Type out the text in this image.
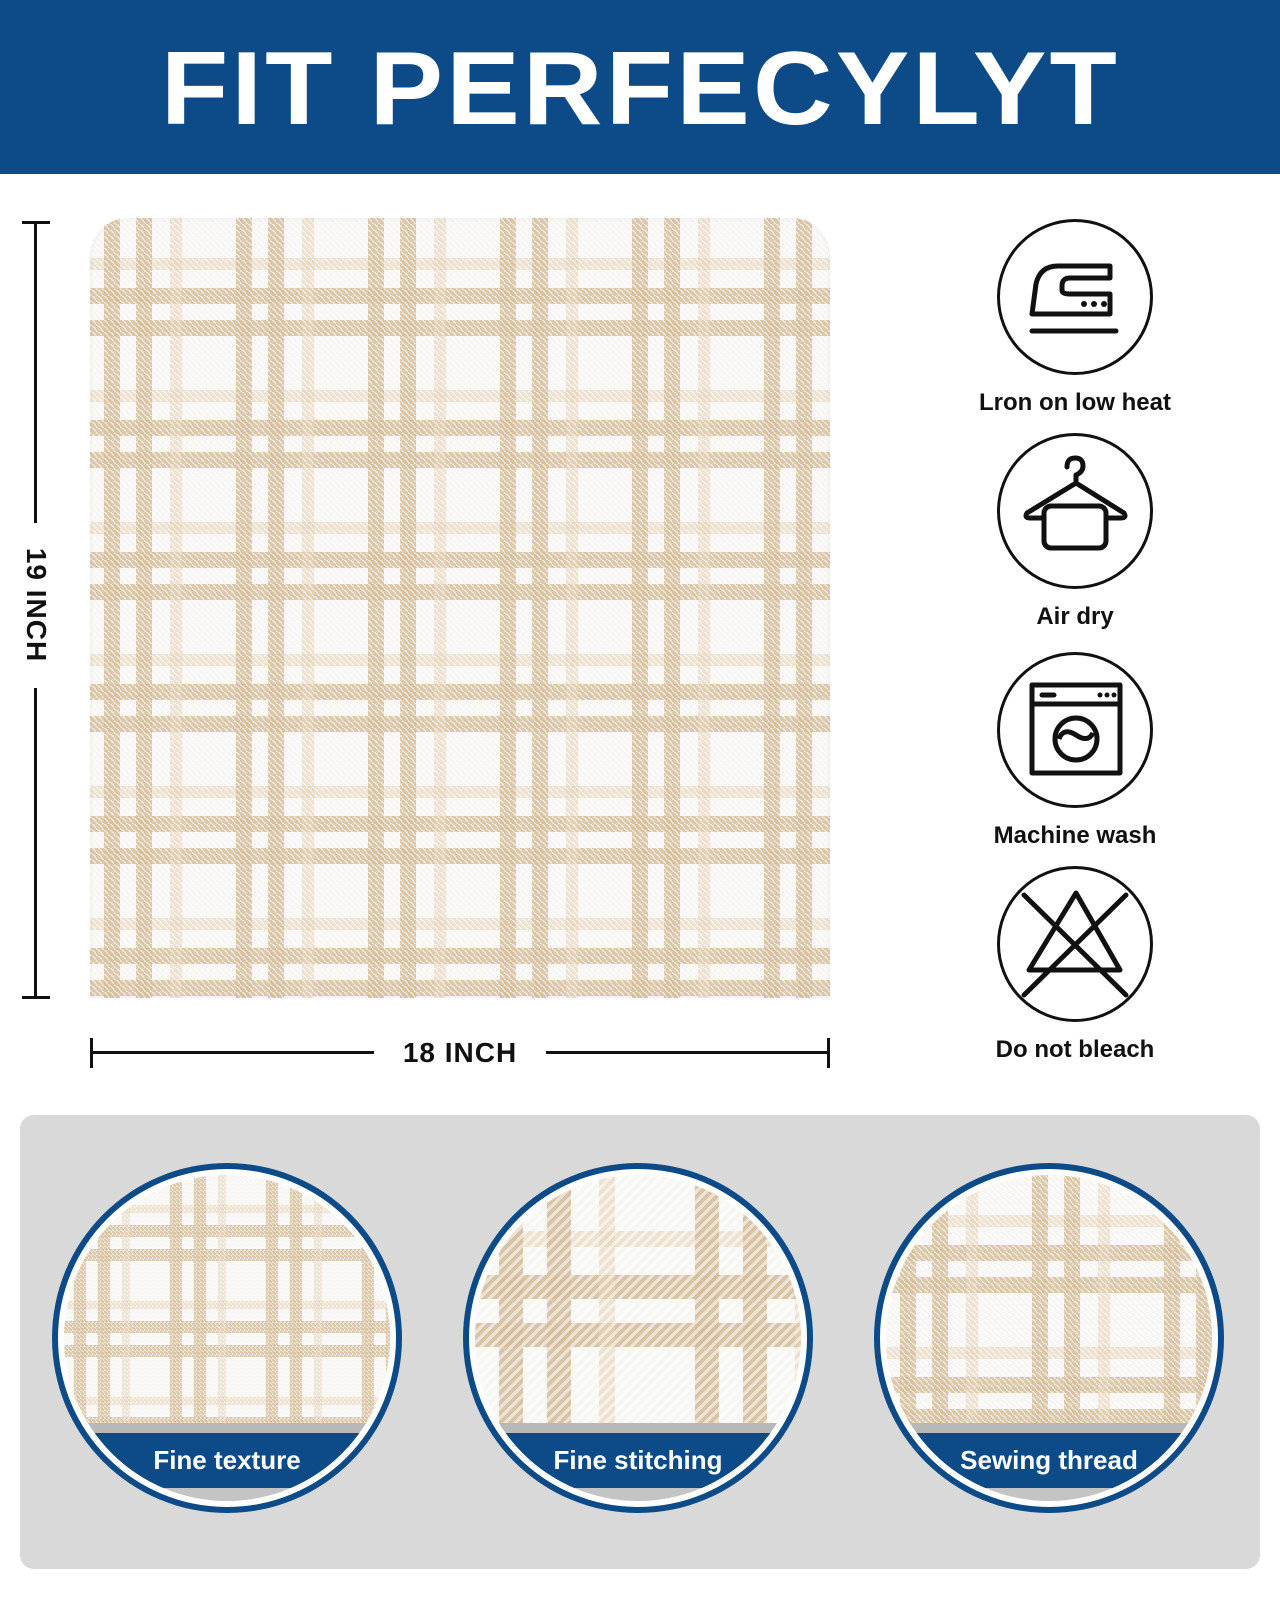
FIT PERFECYLYT
19 INCH
18 INCH
Lron on low heat
Air dry
Machine wash
Do not bleach
Fine texture	Fine stitching	Sewing thread
